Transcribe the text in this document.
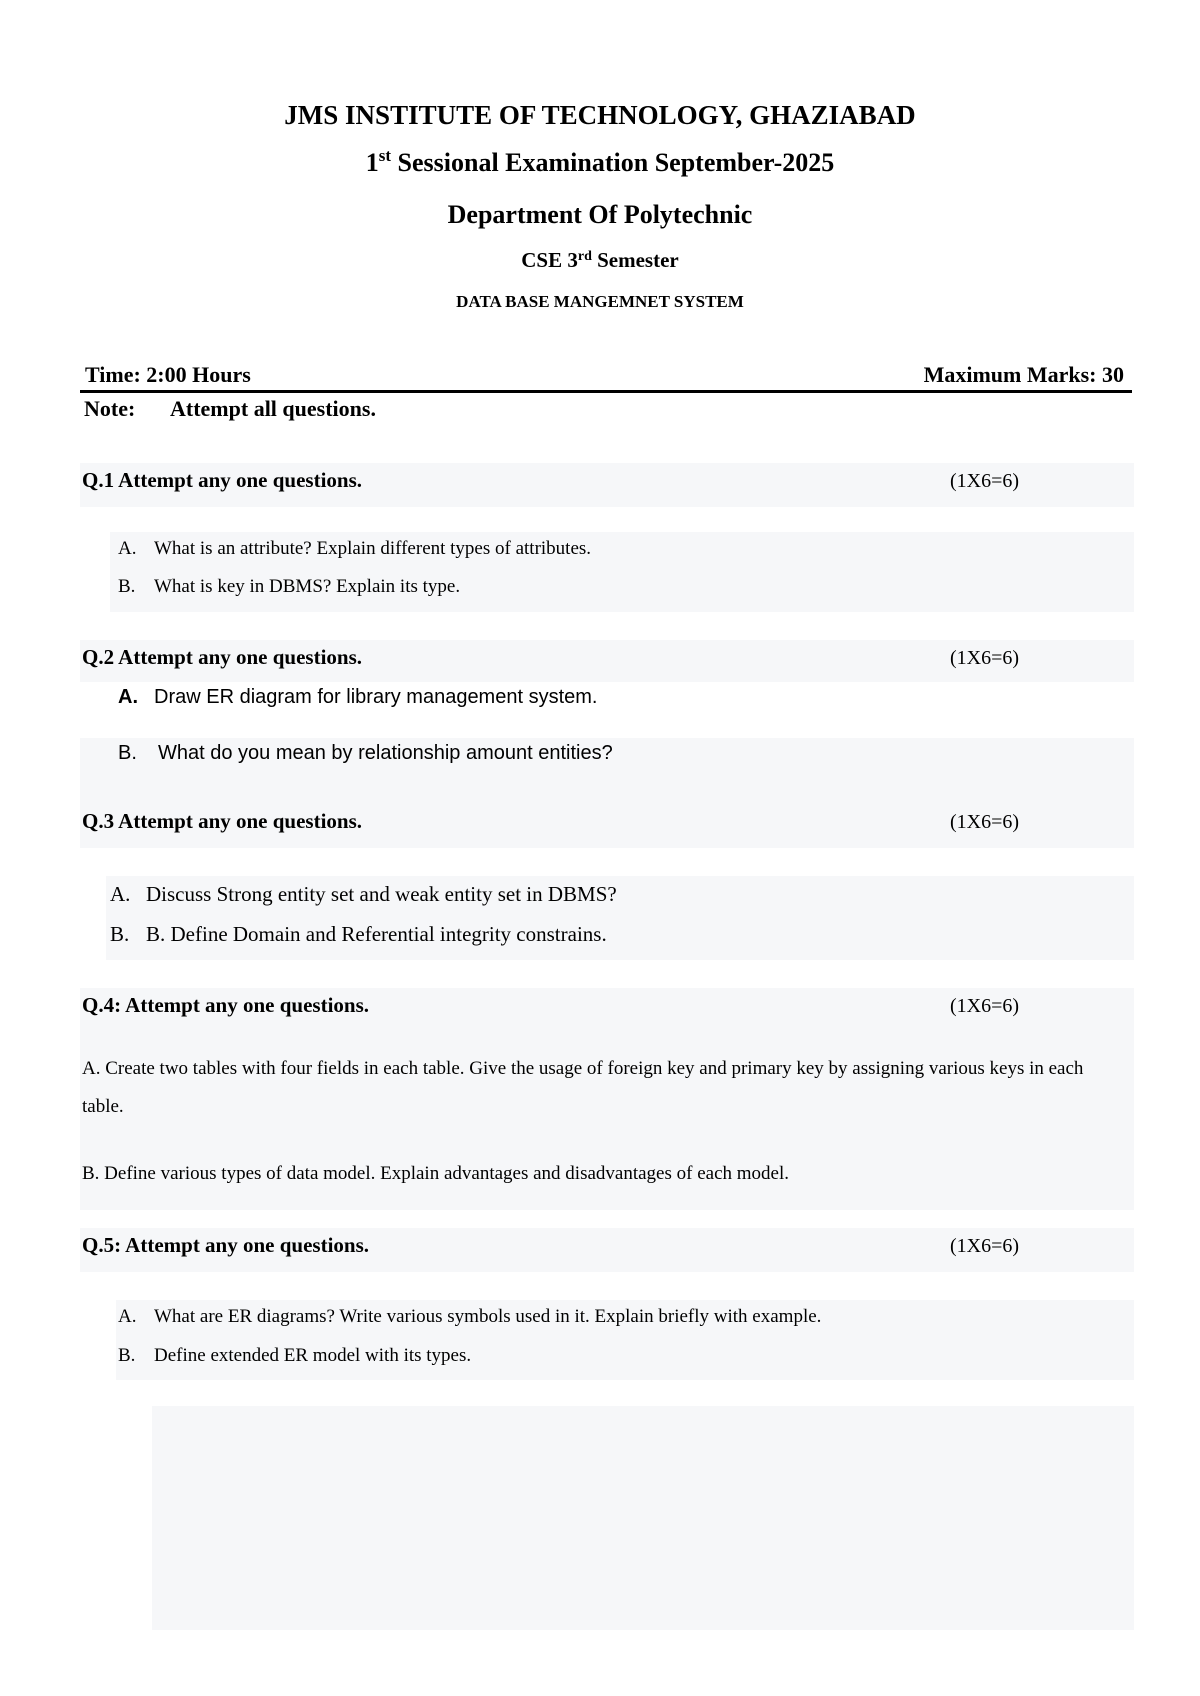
JMS INSTITUTE OF TECHNOLOGY, GHAZIABAD
1st Sessional Examination September-2025
Department Of Polytechnic
CSE 3rd Semester
DATA BASE MANGEMNET SYSTEM
Time: 2:00 Hours	Maximum Marks: 30
Note: Attempt all questions.
Q.1 Attempt any one questions.	(1X6=6)
A. What is an attribute? Explain different types of attributes.
B. What is key in DBMS? Explain its type.
Q.2 Attempt any one questions.	(1X6=6)
A. Draw ER diagram for library management system.
B. What do you mean by relationship amount entities?
Q.3 Attempt any one questions.	(1X6=6)
A. Discuss Strong entity set and weak entity set in DBMS?
B. B. Define Domain and Referential integrity constrains.
Q.4: Attempt any one questions.	(1X6=6)
A. Create two tables with four fields in each table. Give the usage of foreign key and primary key by assigning various keys in each table.
B. Define various types of data model. Explain advantages and disadvantages of each model.
Q.5: Attempt any one questions.	(1X6=6)
A. What are ER diagrams? Write various symbols used in it. Explain briefly with example.
B. Define extended ER model with its types.
